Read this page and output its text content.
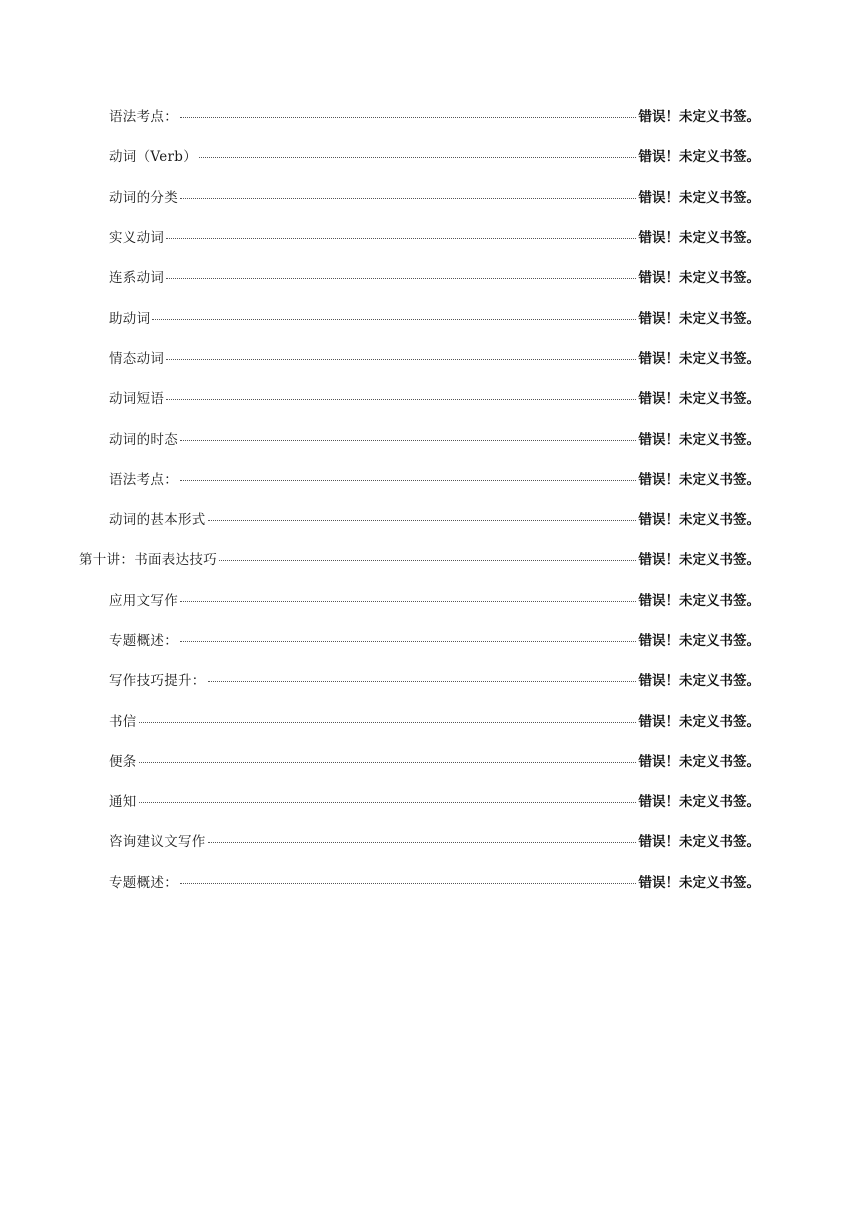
语法考点：	错误！未定义书签。
动词（Verb）	错误！未定义书签。
动词的分类	错误！未定义书签。
实义动词	错误！未定义书签。
连系动词	错误！未定义书签。
助动词	错误！未定义书签。
情态动词	错误！未定义书签。
动词短语	错误！未定义书签。
动词的时态	错误！未定义书签。
语法考点：	错误！未定义书签。
动词的甚本形式	错误！未定义书签。
第十讲：书面表达技巧	错误！未定义书签。
应用文写作	错误！未定义书签。
专题概述：	错误！未定义书签。
写作技巧提升：	错误！未定义书签。
书信	错误！未定义书签。
便条	错误！未定义书签。
通知	错误！未定义书签。
咨询建议文写作	错误！未定义书签。
专题概述：	错误！未定义书签。
